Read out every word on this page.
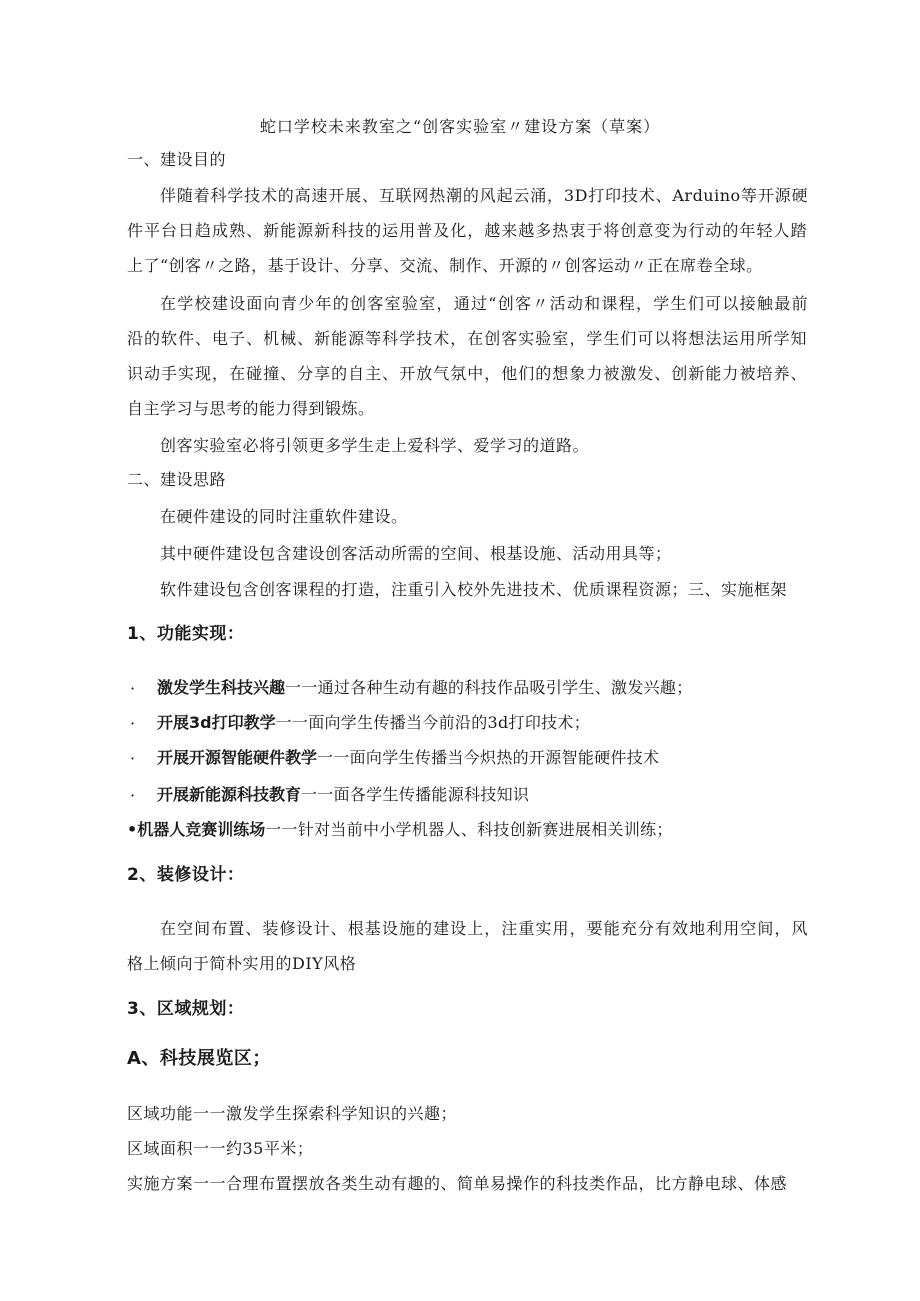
蛇口学校未来教室之“创客实验室〃建设方案（草案）
一、建设目的
伴随着科学技术的高速开展、互联网热潮的风起云涌，3D打印技术、Arduino等开源硬
件平台日趋成熟、新能源新科技的运用普及化，越来越多热衷于将创意变为行动的年轻人踏
上了“创客〃之路，基于设计、分享、交流、制作、开源的〃创客运动〃正在席卷全球。
在学校建设面向青少年的创客室验室，通过“创客〃活动和课程，学生们可以接触最前
沿的软件、电子、机械、新能源等科学技术，在创客实验室，学生们可以将想法运用所学知
识动手实现，在碰撞、分享的自主、开放气氛中，他们的想象力被激发、创新能力被培养、
自主学习与思考的能力得到锻炼。
创客实验室必将引领更多学生走上爱科学、爱学习的道路。
二、建设思路
在硬件建设的同时注重软件建设。
其中硬件建设包含建设创客活动所需的空间、根基设施、活动用具等；
软件建设包含创客课程的打造，注重引入校外先进技术、优质课程资源；三、实施框架
1、功能实现：
· 激发学生科技兴趣一一通过各种生动有趣的科技作品吸引学生、激发兴趣；
· 开展3d打印教学一一面向学生传播当今前沿的3d打印技术；
· 开展开源智能硬件教学一一面向学生传播当今炽热的开源智能硬件技术
· 开展新能源科技教育一一面各学生传播能源科技知识
•机器人竞赛训练场一一针对当前中小学机器人、科技创新赛进展相关训练；
2、装修设计：
在空间布置、装修设计、根基设施的建设上，注重实用，要能充分有效地利用空间，风
格上倾向于简朴实用的DIY风格
3、区域规划：
A、科技展览区；
区域功能一一激发学生探索科学知识的兴趣；
区域面积一一约35平米；
实施方案一一合理布置摆放各类生动有趣的、简单易操作的科技类作品，比方静电球、体感
